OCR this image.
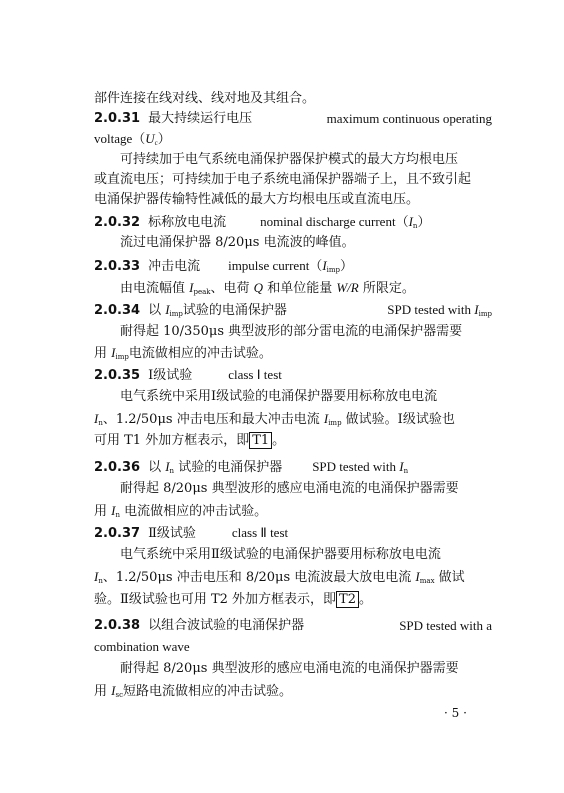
部件连接在线对线、线对地及其组合。
2.0.31 最大持续运行电压	maximum continuous operating
$voltage(U_c)$
可持续加于电气系统电涌保护器保护模式的最大方均根电压
或直流电压；可持续加于电子系统电涌保护器端子上，且不致引起
电涌保护器传输特性减低的最大方均根电压或直流电压。
2.0.32 标称放电电流	nominal discharge $current(I_n)$
流过电涌保护器 8/20μs 电流波的峰值。
2.0.33 冲击电流 impulse $current(I_{imp})$
由电流幅值 $I_{peak}$、电荷 Q 和单位能量 W/R 所限定。
2.0.34 以 $I_{imp}$试验的电涌保护器	SPD tested with $I_{imp}$
耐得起 10/350μs 典型波形的部分雷电流的电涌保护器需要
用 $I_{imp}$电流做相应的冲击试验。
2.0.35 Ⅰ级试验	class Ⅰ test
电气系统中采用Ⅰ级试验的电涌保护器要用标称放电电流
$I_n$、1.2/50μs 冲击电压和最大冲击电流 $I_{imp}$ 做试验。Ⅰ级试验也
可用 T1 外加方框表示，即 T1 。
2.0.36 以 $I_n$ 试验的电涌保护器 SPD tested with $I_n$
耐得起 8/20μs 典型波形的感应电涌电流的电涌保护器需要
用 $I_n$ 电流做相应的冲击试验。
2.0.37 Ⅱ级试验	class Ⅱ test
电气系统中采用Ⅱ级试验的电涌保护器要用标称放电电流
$I_n$、1.2/50μs 冲击电压和 8/20μs 电流波最大放电电流 $I_{max}$ 做试
验。Ⅱ级试验也可用 T2 外加方框表示，即 T2 。
2.0.38 以组合波试验的电涌保护器	SPD tested with a
combination wave
耐得起 8/20μs 典型波形的感应电涌电流的电涌保护器需要
用 $I_{sc}$短路电流做相应的冲击试验。
· 5 ·
